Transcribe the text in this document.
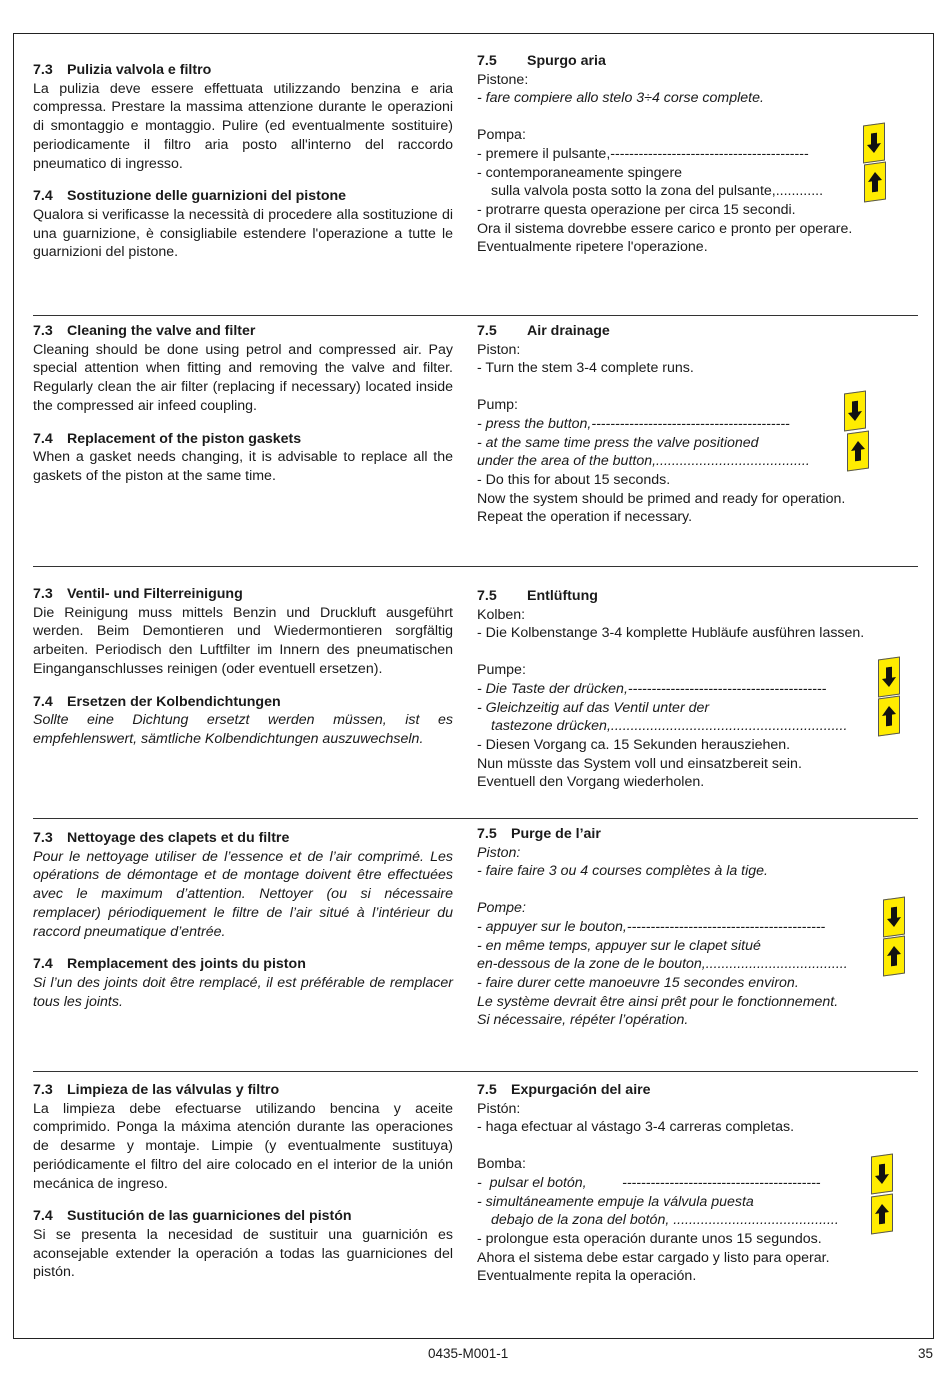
7.3 Pulizia valvola e filtro

La pulizia deve essere effettuata utilizzando benzina e aria compressa. Prestare la massima attenzione durante le operazioni di smontaggio e montaggio. Pulire (ed eventualmente sostituire) periodicamente il filtro aria posto all'interno del raccordo pneumatico di ingresso.

7.4 Sostituzione delle guarnizioni del pistone

Qualora si verificasse la necessità di procedere alla sostituzione di una guarnizione, è consigliabile estendere l'operazione a tutte le guarnizioni del pistone.

7.5 Spurgo aria

Pistone:

- fare compiere allo stelo 3÷4 corse complete.

Pompa:

- premere il pulsante,------------------------------------------

- contemporaneamente spingere

sulla valvola posta sotto la zona del pulsante,............

- protrarre questa operazione per circa 15 secondi.

Ora il sistema dovrebbe essere carico e pronto per operare.

Eventualmente ripetere l'operazione.

7.3 Cleaning the valve and filter

Cleaning should be done using petrol and compressed air. Pay special attention when fitting and removing the valve and filter. Regularly clean the air filter (replacing if necessary) located inside the compressed air infeed coupling.

7.4 Replacement of the piston gaskets

When a gasket needs changing, it is advisable to replace all the gaskets of the piston at the same time.

7.5 Air drainage

Piston:

- Turn the stem 3-4 complete runs.

Pump:

- press the button,------------------------------------------

- at the same time press the valve positioned

under the area of the button,.......................................

- Do this for about 15 seconds.

Now the system should be primed and ready for operation.

Repeat the operation if necessary.

7.3 Ventil- und Filterreinigung

Die Reinigung muss mittels Benzin und Druckluft ausgeführt werden. Beim Demontieren und Wiedermontieren sorgfältig arbeiten. Periodisch den Luftfilter im Innern des pneumatischen Einganganschlusses reinigen (oder eventuell ersetzen).

7.4 Ersetzen der Kolbendichtungen

Sollte eine Dichtung ersetzt werden müssen, ist es empfehlenswert, sämtliche Kolbendichtungen auszuwechseln.

7.5 Entlüftung

Kolben:

- Die Kolbenstange 3-4 komplette Hubläufe ausführen lassen.

Pumpe:

- Die Taste der drücken,------------------------------------------

- Gleichzeitig auf das Ventil unter der

tastezone drücken,............................................................

- Diesen Vorgang ca. 15 Sekunden herausziehen.

Nun müsste das System voll und einsatzbereit sein.

Eventuell den Vorgang wiederholen.

7.3 Nettoyage des clapets et du filtre

Pour le nettoyage utiliser de l’essence et de l’air comprimé. Les opérations de démontage et de montage doivent être effectuées avec le maximum d’attention. Nettoyer (ou si nécessaire remplacer) périodiquement le filtre de l’air situé à l’intérieur du raccord pneumatique d’entrée.

7.4 Remplacement des joints du piston

Si l’un des joints doit être remplacé, il est préférable de remplacer tous les joints.

7.5 Purge de l’air

Piston:

- faire faire 3 ou 4 courses complètes à la tige.

Pompe:

- appuyer sur le bouton,------------------------------------------

- en même temps, appuyer sur le clapet situé

en-dessous de la zone de le bouton,....................................

- faire durer cette manoeuvre 15 secondes environ.

Le système devrait être ainsi prêt pour le fonctionnement.

Si nécessaire, répéter l’opération.

7.3 Limpieza de las válvulas y filtro

La limpieza debe efectuarse utilizando bencina y aceite comprimido. Ponga la máxima atención durante las operaciones de desarme y montaje. Limpie (y eventualmente sustituya) periódicamente el filtro del aire colocado en el interior de la unión mecánica de ingreso.

7.4 Sustitución de las guarniciones del pistón

Si se presenta la necesidad de sustituir una guarnición es aconsejable extender la operación a todas las guarniciones del pistón.

7.5 Expurgación del aire

Pistón:

- haga efectuar al vástago 3-4 carreras completas.

Bomba:

-  pulsar el botón,         ------------------------------------------

- simultáneamente empuje la válvula puesta

debajo de la zona del botón, ..........................................

- prolongue esta operación durante unos 15 segundos.

Ahora el sistema debe estar cargado y listo para operar.

Eventualmente repita la operación.

0435-M001-1	35
